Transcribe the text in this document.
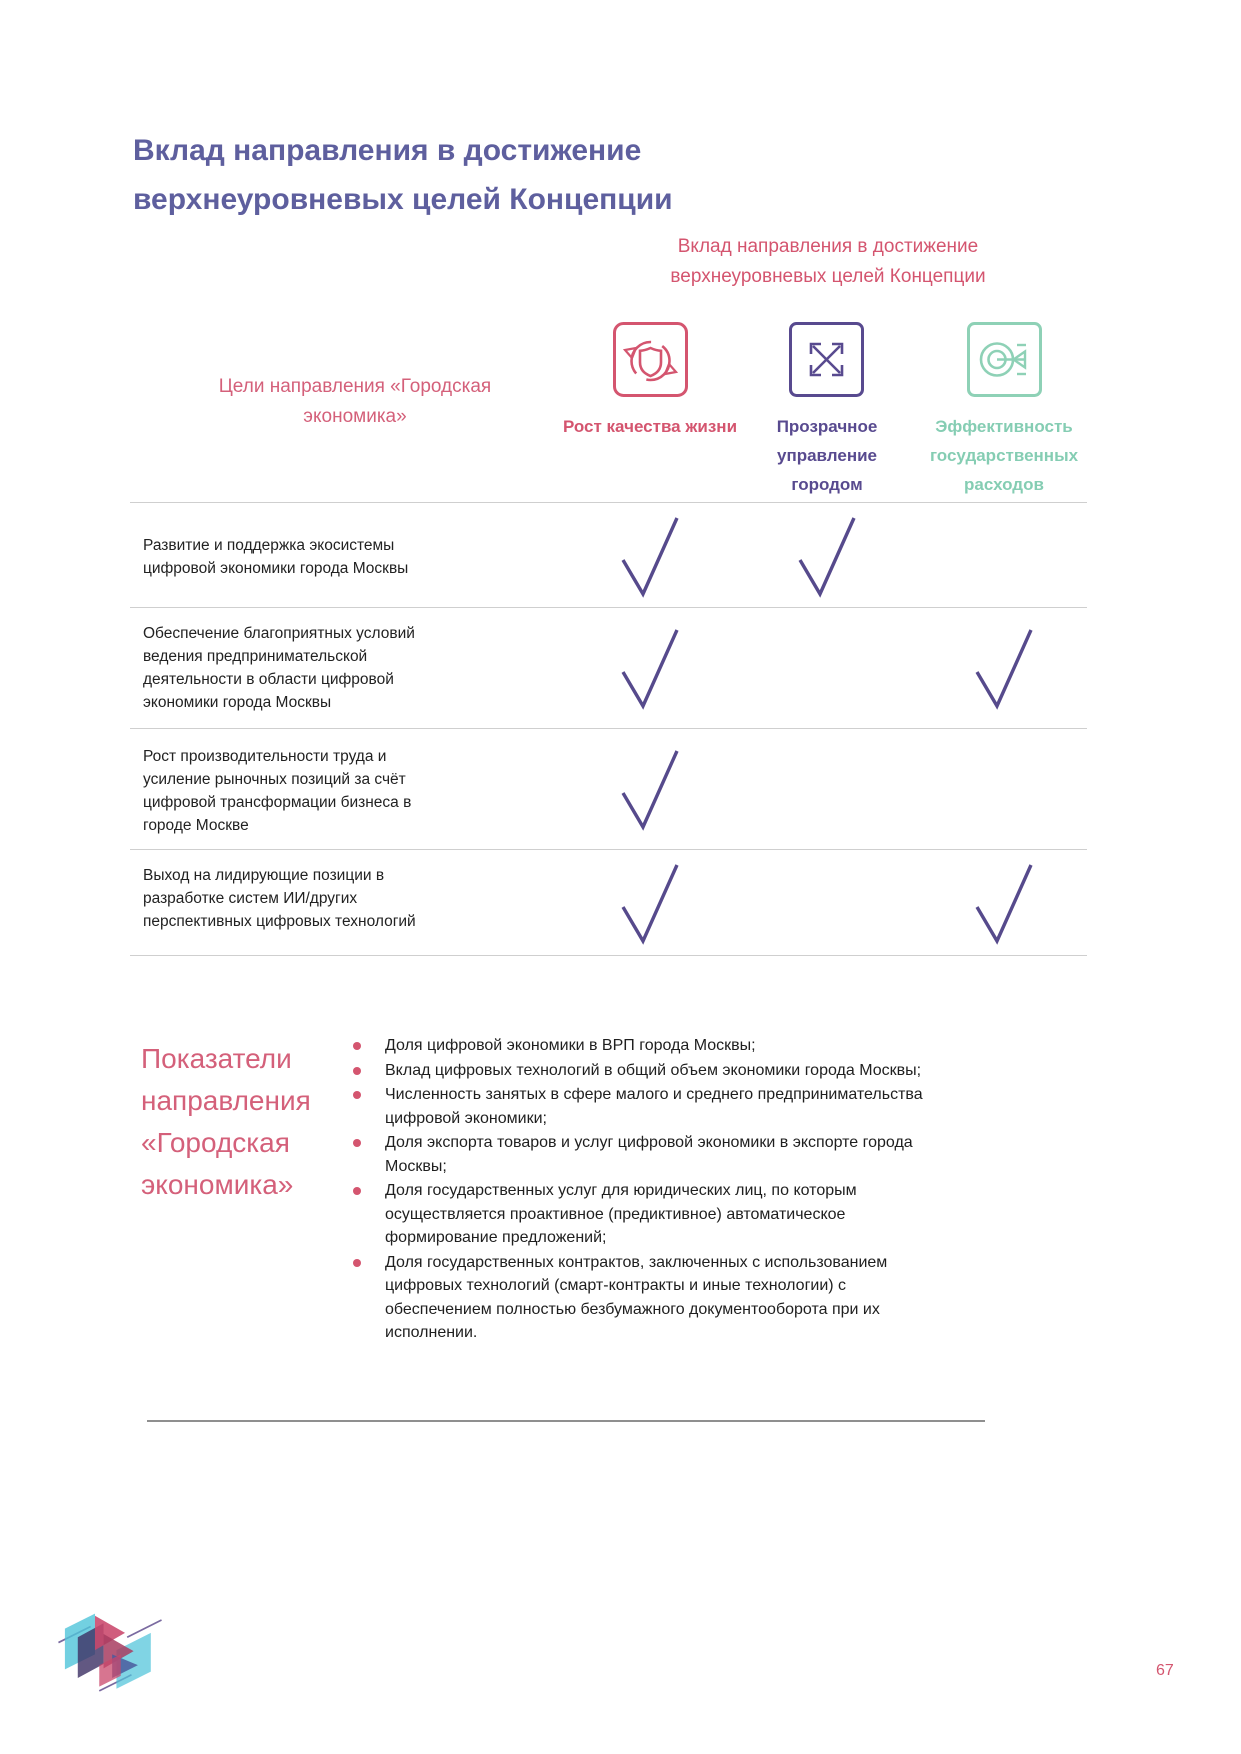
Вклад направления в достижение верхнеуровневых целей Концепции
Вклад направления в достижение верхнеуровневых целей Концепции
Цели направления «Городская экономика»	Рост качества жизни	Прозрачное управление городом
Эффективность государственных расходов
Развитие и поддержка экосистемы цифровой экономики города Москвы
Обеспечение благоприятных условий ведения предпринимательской деятельности в области цифровой экономики города Москвы
Рост производительности труда и усиление рыночных позиций за счёт цифровой трансформации бизнеса в городе Москве
Выход на лидирующие позиции в разработке систем ИИ/других перспективных цифровых технологий
Показатели направления «Городская экономика»
Доля цифровой экономики в ВРП города Москвы;
Вклад цифровых технологий в общий объем экономики города Москвы;
Численность занятых в сфере малого и среднего предпринимательства цифровой экономики;
Доля экспорта товаров и услуг цифровой экономики в экспорте города Москвы;
Доля государственных услуг для юридических лиц, по которым осуществляется проактивное (предиктивное) автоматическое формирование предложений;
Доля государственных контрактов, заключенных с использованием цифровых технологий (смарт-контракты и иные технологии) с обеспечением полностью безбумажного документооборота при их исполнении.
67
